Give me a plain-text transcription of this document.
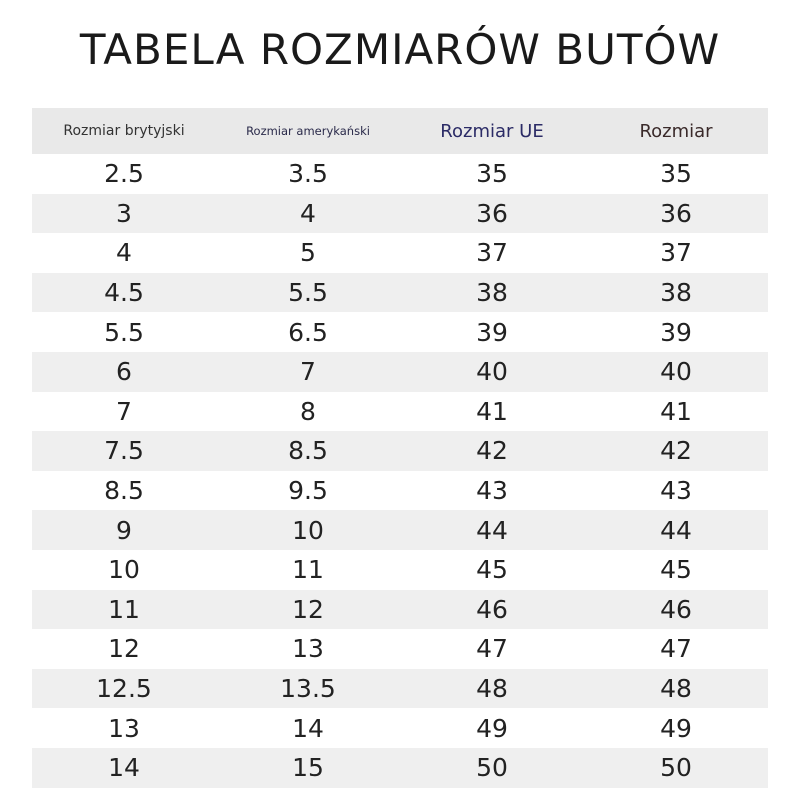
TABELA ROZMIARÓW BUTÓW
Rozmiar brytyjski	Rozmiar amerykański	Rozmiar UE	Rozmiar
2.5	3.5	35	35
3	4	36	36
4	5	37	37
4.5	5.5	38	38
5.5	6.5	39	39
6	7	40	40
7	8	41	41
7.5	8.5	42	42
8.5	9.5	43	43
9	10	44	44
10	11	45	45
11	12	46	46
12	13	47	47
12.5	13.5	48	48
13	14	49	49
14	15	50	50
